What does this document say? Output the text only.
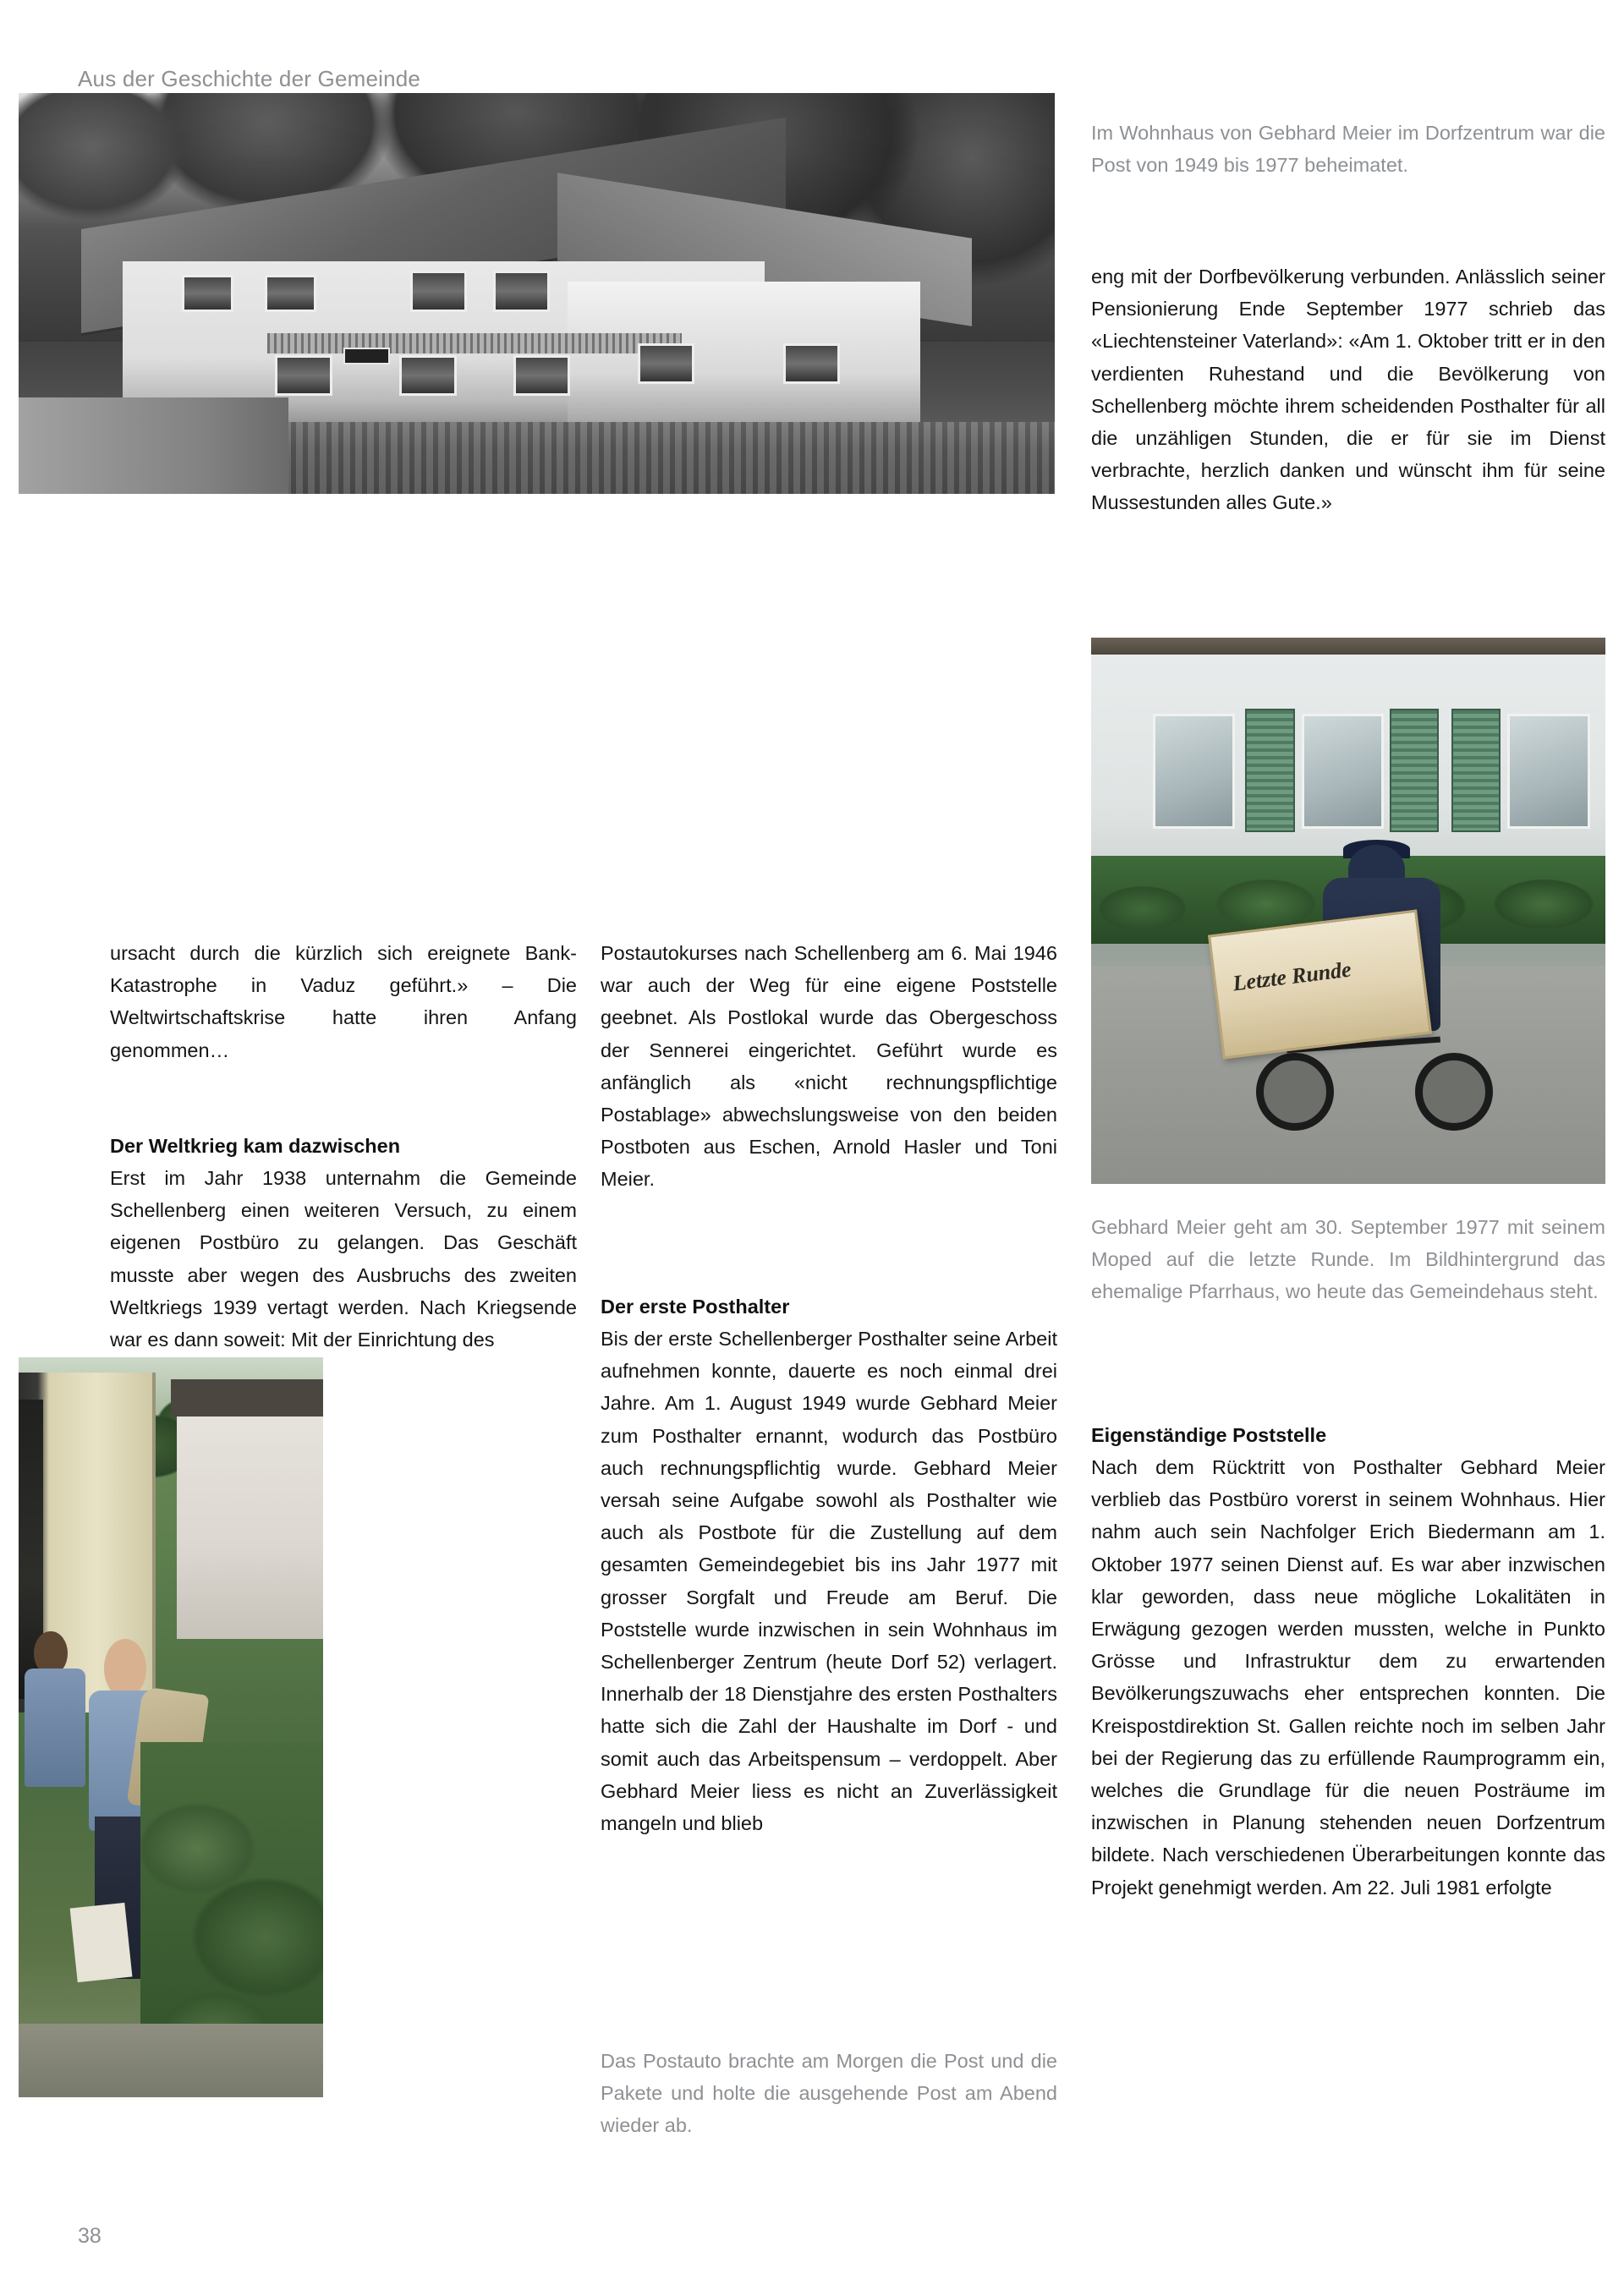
Aus der Geschichte der Gemeinde
Im Wohnhaus von Gebhard Meier im Dorfzentrum war die Post von 1949 bis 1977 beheimatet.
eng mit der Dorfbevölkerung verbunden. Anlässlich seiner Pensionierung Ende September 1977 schrieb das «Liechtensteiner Vaterland»: «Am 1. Oktober tritt er in den verdienten Ruhestand und die Bevölkerung von Schellenberg möchte ihrem scheidenden Posthalter für all die unzähligen Stunden, die er für sie im Dienst verbrachte, herzlich danken und wünscht ihm für seine Mussestunden alles Gute.»
Letzte Runde
Gebhard Meier geht am 30. September 1977 mit seinem Moped auf die letzte Runde. Im Bildhintergrund das ehemalige Pfarrhaus, wo heute das Gemeindehaus steht.
Eigenständige Poststelle
Nach dem Rücktritt von Posthalter Gebhard Meier verblieb das Postbüro vorerst in seinem Wohnhaus. Hier nahm auch sein Nachfolger Erich Biedermann am 1. Oktober 1977 seinen Dienst auf. Es war aber inzwischen klar geworden, dass neue mögliche Lokalitäten in Erwägung gezogen werden mussten, welche in Punkto Grösse und Infrastruktur dem zu erwartenden Bevölkerungszuwachs eher entsprechen konnten. Die Kreispostdirektion St. Gallen reichte noch im selben Jahr bei der Regierung das zu erfüllende Raumprogramm ein, welches die Grundlage für die neuen Posträume im inzwischen in Planung stehenden neuen Dorfzentrum bildete. Nach verschiedenen Überarbeitungen konnte das Projekt genehmigt werden. Am 22. Juli 1981 erfolgte
ursacht durch die kürzlich sich ereignete Bank-Katastrophe in Vaduz geführt.» – Die Weltwirtschaftskrise hatte ihren Anfang genommen…
Der Weltkrieg kam dazwischen
Erst im Jahr 1938 unternahm die Gemeinde Schellenberg einen weiteren Versuch, zu einem eigenen Postbüro zu gelangen. Das Geschäft musste aber wegen des Ausbruchs des zweiten Weltkriegs 1939 vertagt werden. Nach Kriegsende war es dann soweit: Mit der Einrichtung des
Postautokurses nach Schellenberg am 6. Mai 1946 war auch der Weg für eine eigene Poststelle geebnet. Als Postlokal wurde das Obergeschoss der Sennerei eingerichtet. Geführt wurde es anfänglich als «nicht rechnungspflichtige Postablage» abwechslungsweise von den beiden Postboten aus Eschen, Arnold Hasler und Toni Meier.
Der erste Posthalter
Bis der erste Schellenberger Posthalter seine Arbeit aufnehmen konnte, dauerte es noch einmal drei Jahre. Am 1. August 1949 wurde Gebhard Meier zum Posthalter ernannt, wodurch das Postbüro auch rechnungspflichtig wurde. Gebhard Meier versah seine Aufgabe sowohl als Posthalter wie auch als Postbote für die Zustellung auf dem gesamten Gemeindegebiet bis ins Jahr 1977 mit grosser Sorgfalt und Freude am Beruf. Die Poststelle wurde inzwischen in sein Wohnhaus im Schellenberger Zentrum (heute Dorf 52) verlagert. Innerhalb der 18 Dienstjahre des ersten Posthalters hatte sich die Zahl der Haushalte im Dorf - und somit auch das Arbeitspensum – verdoppelt. Aber Gebhard Meier liess es nicht an Zuverlässigkeit mangeln und blieb
Das Postauto brachte am Morgen die Post und die Pakete und holte die ausgehende Post am Abend wieder ab.
38
